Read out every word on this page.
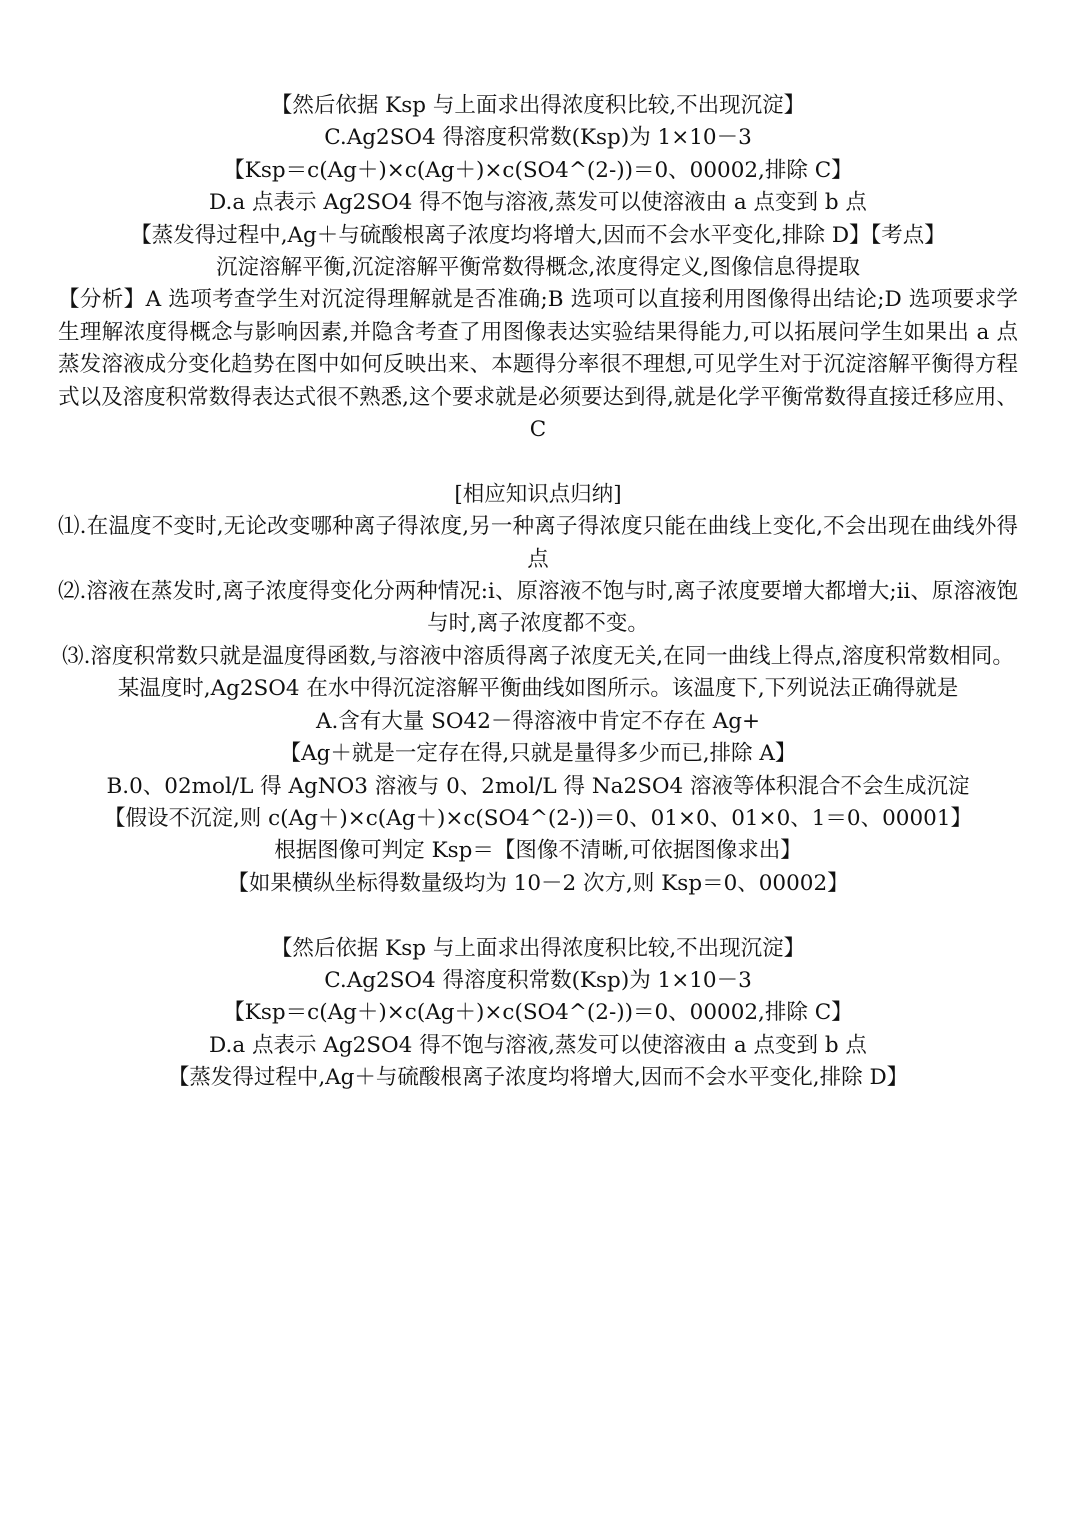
【然后依据 Ksp 与上面求出得浓度积比较,不出现沉淀】

C.Ag2SO4 得溶度积常数(Ksp)为 1×10－3

【Ksp＝c(Ag＋)×c(Ag＋)×c(SO4^(2-))＝0、00002,排除 C】

D.a 点表示 Ag2SO4 得不饱与溶液,蒸发可以使溶液由 a 点变到 b 点

【蒸发得过程中,Ag＋与硫酸根离子浓度均将增大,因而不会水平变化,排除 D】【考点】

沉淀溶解平衡,沉淀溶解平衡常数得概念,浓度得定义,图像信息得提取

【分析】A 选项考查学生对沉淀得理解就是否准确;B 选项可以直接利用图像得出结论;D 选项要求学生理解浓度得概念与影响因素,并隐含考查了用图像表达实验结果得能力,可以拓展问学生如果出 a 点蒸发溶液成分变化趋势在图中如何反映出来、本题得分率很不理想,可见学生对于沉淀溶解平衡得方程式以及溶度积常数得表达式很不熟悉,这个要求就是必须要达到得,就是化学平衡常数得直接迁移应用、

C

[相应知识点归纳]

⑴.在温度不变时,无论改变哪种离子得浓度,另一种离子得浓度只能在曲线上变化,不会出现在曲线外得点

⑵.溶液在蒸发时,离子浓度得变化分两种情况:ⅰ、原溶液不饱与时,离子浓度要增大都增大;ⅱ、原溶液饱与时,离子浓度都不变。

⑶.溶度积常数只就是温度得函数,与溶液中溶质得离子浓度无关,在同一曲线上得点,溶度积常数相同。

某温度时,Ag2SO4 在水中得沉淀溶解平衡曲线如图所示。该温度下,下列说法正确得就是

A.含有大量 SO42－得溶液中肯定不存在 Ag+

【Ag＋就是一定存在得,只就是量得多少而已,排除 A】

B.0、02mol/L 得 AgNO3 溶液与 0、2mol/L 得 Na2SO4 溶液等体积混合不会生成沉淀

【假设不沉淀,则 c(Ag＋)×c(Ag＋)×c(SO4^(2-))＝0、01×0、01×0、1＝0、00001】

根据图像可判定 Ksp＝【图像不清晰,可依据图像求出】

【如果横纵坐标得数量级均为 10－2 次方,则 Ksp＝0、00002】

【然后依据 Ksp 与上面求出得浓度积比较,不出现沉淀】

C.Ag2SO4 得溶度积常数(Ksp)为 1×10－3

【Ksp＝c(Ag＋)×c(Ag＋)×c(SO4^(2-))＝0、00002,排除 C】

D.a 点表示 Ag2SO4 得不饱与溶液,蒸发可以使溶液由 a 点变到 b 点

【蒸发得过程中,Ag＋与硫酸根离子浓度均将增大,因而不会水平变化,排除 D】
